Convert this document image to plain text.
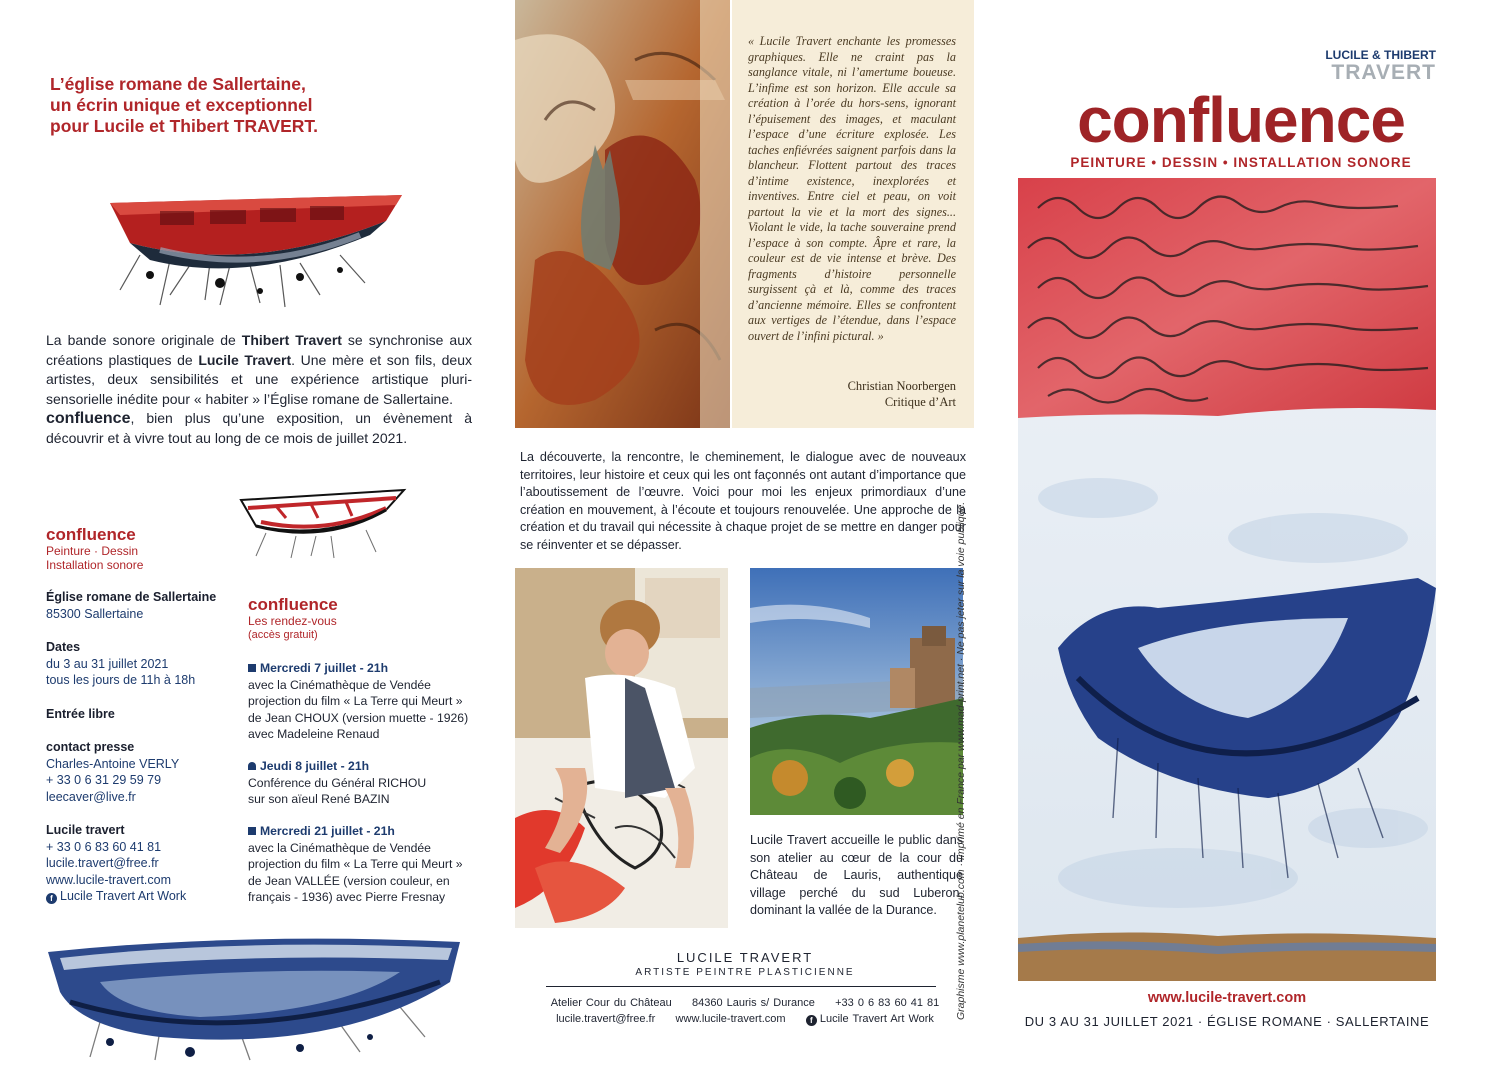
L’église romane de Sallertaine,
un écrin unique et exceptionnel
pour Lucile et Thibert TRAVERT.

La bande sonore originale de Thibert Travert se synchronise aux créations plastiques de Lucile Travert. Une mère et son fils, deux artistes, deux sensibilités et une expérience artistique pluri-sensorielle inédite pour « habiter » l’Église romane de Sallertaine.

confluence, bien plus qu’une exposition, un évènement à découvrir et à vivre tout au long de ce mois de juillet 2021.

confluence
Peinture · Dessin
Installation sonore
Église romane de Sallertaine
85300 Sallertaine
Dates
du 3 au 31 juillet 2021
tous les jours de 11h à 18h
Entrée libre
contact presse
Charles-Antoine VERLY
+ 33 0 6 31 29 59 79
leecaver@live.fr
Lucile travert
+ 33 0 6 83 60 41 81
lucile.travert@free.fr
www.lucile-travert.com
f Lucile Travert Art Work
confluence
Les rendez-vous
(accès gratuit)
Mercredi 7 juillet - 21h
avec la Cinémathèque de Vendée
projection du film « La Terre qui Meurt »
de Jean CHOUX (version muette - 1926)
avec Madeleine Renaud
Jeudi 8 juillet - 21h
Conférence du Général RICHOU
sur son aïeul René BAZIN
Mercredi 21 juillet - 21h
avec la Cinémathèque de Vendée
projection du film « La Terre qui Meurt »
de Jean VALLÉE (version couleur, en
français - 1936) avec Pierre Fresnay
« Lucile Travert enchante les promesses graphiques. Elle ne craint pas la sanglance vitale, ni l’amertume boueuse. L’infime est son horizon. Elle accule sa création à l’orée du hors-sens, ignorant l’épuisement des images, et maculant l’espace d’une écriture explosée. Les taches enfiévrées saignent parfois dans la blancheur. Flottent partout des traces d’intime existence, inexplorées et inventives. Entre ciel et peau, on voit partout la vie et la mort des signes... Violant le vide, la tache souveraine prend l’espace à son compte. Âpre et rare, la couleur est de vie intense et brève. Des fragments d’histoire personnelle surgissent çà et là, comme des traces d’ancienne mémoire. Elles se confrontent aux vertiges de l’étendue, dans l’espace ouvert de l’infini pictural. »
Christian Noorbergen
Critique d’Art
La découverte, la rencontre, le cheminement, le dialogue avec de nouveaux territoires, leur histoire et ceux qui les ont façonnés ont autant d’importance que l’aboutissement de l’œuvre. Voici pour moi les enjeux primordiaux d’une création en mouvement, à l’écoute et toujours renouvelée. Une approche de la création et du travail qui nécessite à chaque projet de se mettre en danger pour se réinventer et se dépasser.
Lucile Travert accueille le public dans son atelier au cœur de la cour du Château de Lauris, authentique village perché du sud Luberon, dominant la vallée de la Durance.
LUCILE TRAVERT
ARTISTE PEINTRE PLASTICIENNE
Atelier Cour du Château     84360 Lauris s/ Durance     +33 0 6 83 60 41 81
lucile.travert@free.fr     www.lucile-travert.com     f Lucile Travert Art Work	Graphisme www.planetelub.com · Imprimé en France par www.mad-print.net · Ne pas jeter sur la voie publique.
LUCILE & THIBERT
TRAVERT
confluence
PEINTURE • DESSIN • INSTALLATION SONORE
www.lucile-travert.com
DU 3 AU 31 JUILLET 2021 · ÉGLISE ROMANE · SALLERTAINE
